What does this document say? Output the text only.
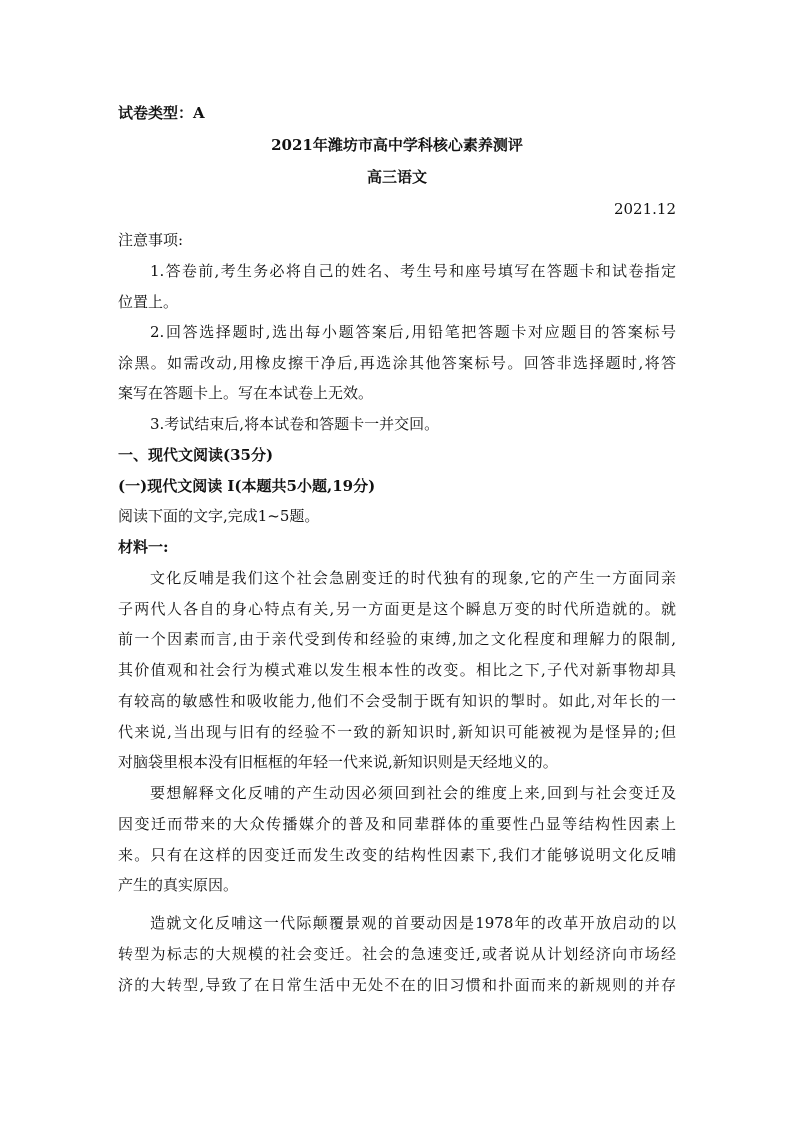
试卷类型：A
2021年潍坊市高中学科核心素养测评
高三语文
2021.12
注意事项:
1.答卷前,考生务必将自己的姓名、考生号和座号填写在答题卡和试卷指定
位置上。
2.回答选择题时,选出每小题答案后,用铅笔把答题卡对应题目的答案标号
涂黑。如需改动,用橡皮擦干净后,再选涂其他答案标号。回答非选择题时,将答
案写在答题卡上。写在本试卷上无效。
3.考试结束后,将本试卷和答题卡一并交回。
一、现代文阅读(35分)
(一)现代文阅读 Ⅰ(本题共5小题,19分)
阅读下面的文字,完成1~5题。
材料一:
文化反哺是我们这个社会急剧变迁的时代独有的现象,它的产生一方面同亲
子两代人各自的身心特点有关,另一方面更是这个瞬息万变的时代所造就的。就
前一个因素而言,由于亲代受到传和经验的束缚,加之文化程度和理解力的限制,
其价值观和社会行为模式难以发生根本性的改变。相比之下,子代对新事物却具
有较高的敏感性和吸收能力,他们不会受制于既有知识的掣时。如此,对年长的一
代来说,当出现与旧有的经验不一致的新知识时,新知识可能被视为是怪异的;但
对脑袋里根本没有旧框框的年轻一代来说,新知识则是天经地义的。
要想解释文化反哺的产生动因必须回到社会的维度上来,回到与社会变迁及
因变迁而带来的大众传播媒介的普及和同辈群体的重要性凸显等结构性因素上
来。只有在这样的因变迁而发生改变的结构性因素下,我们才能够说明文化反哺
产生的真实原因。
造就文化反哺这一代际颠覆景观的首要动因是1978年的改革开放启动的以
转型为标志的大规模的社会变迁。社会的急速变迁,或者说从计划经济向市场经
济的大转型,导致了在日常生活中无处不在的旧习惯和扑面而来的新规则的并存
